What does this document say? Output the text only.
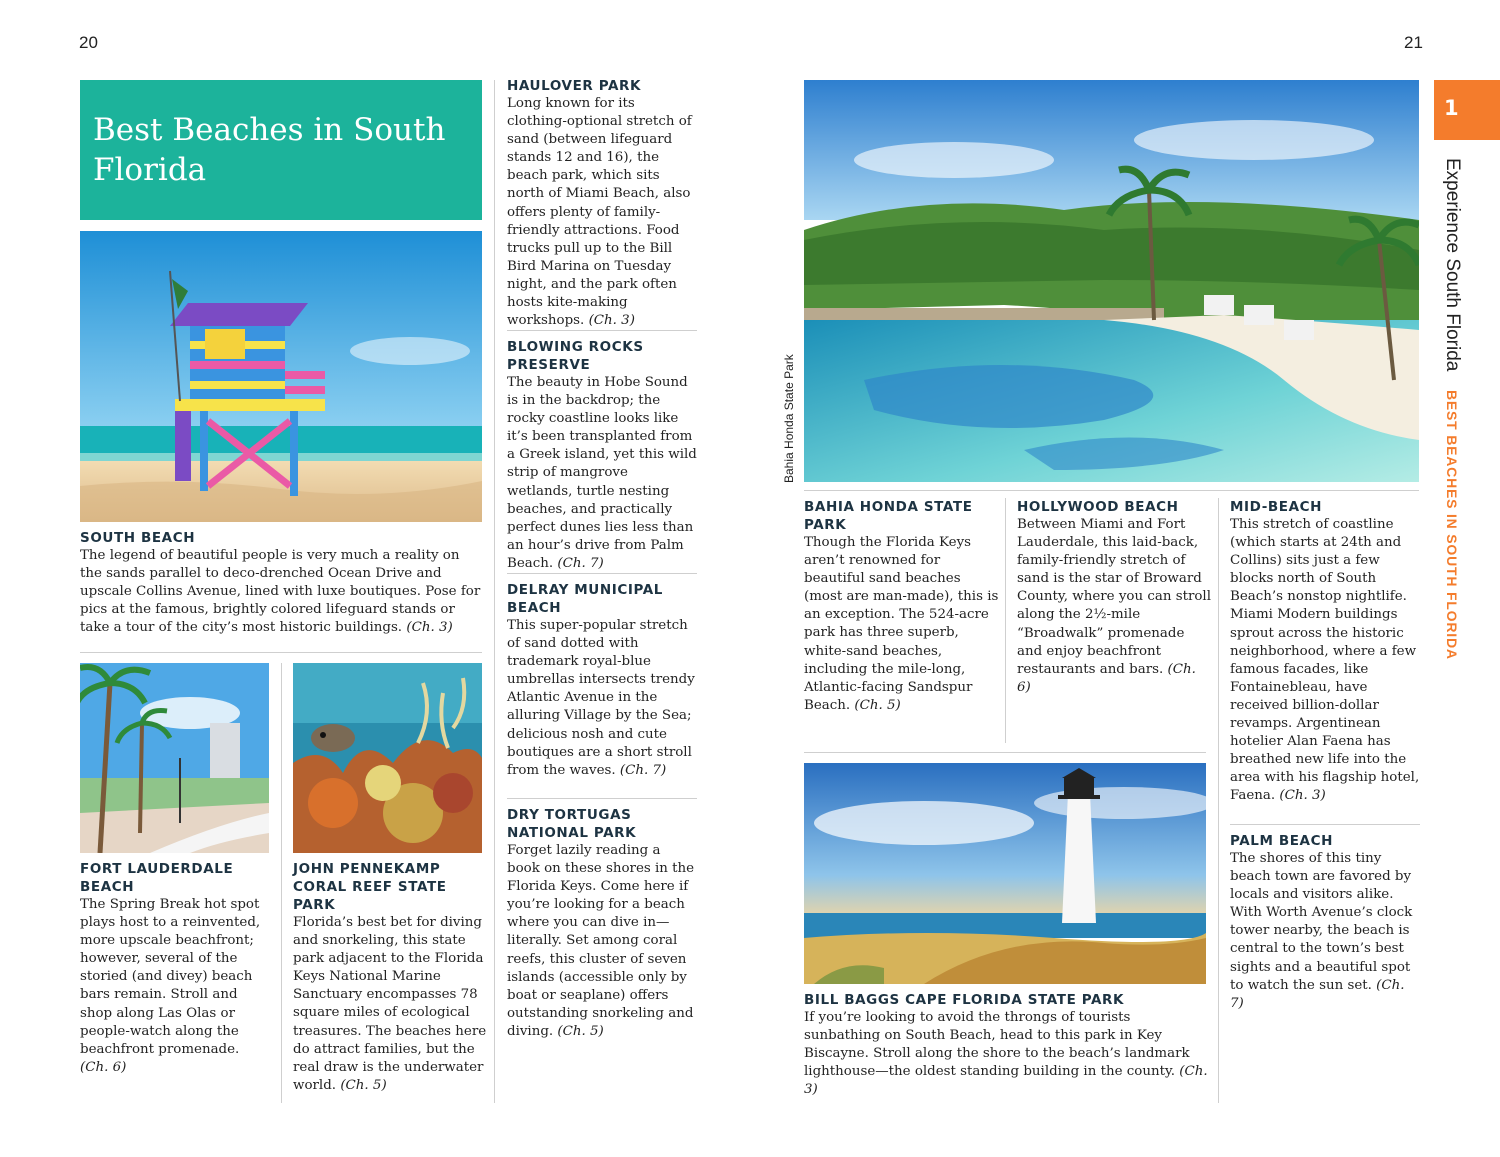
20	21
Best Beaches in South Florida
SOUTH BEACH

The legend of beautiful people is very much a reality on the sands parallel to deco-drenched Ocean Drive and upscale Collins Avenue, lined with luxe boutiques. Pose for pics at the famous, brightly colored lifeguard stands or take a tour of the city’s most historic buildings. (Ch. 3)

FORT LAUDERDALE BEACH

The Spring Break hot spot plays host to a reinvented, more upscale beachfront; however, several of the storied (and divey) beach bars remain. Stroll and shop along Las Olas or people-watch along the beachfront promenade. (Ch. 6)

JOHN PENNEKAMP CORAL REEF STATE PARK

Florida’s best bet for diving and snorkeling, this state park adjacent to the Florida Keys National Marine Sanctuary encompasses 78 square miles of ecological treasures. The beaches here do attract families, but the real draw is the underwater world. (Ch. 5)

HAULOVER PARK

Long known for its clothing-optional stretch of sand (between lifeguard stands 12 and 16), the beach park, which sits north of Miami Beach, also offers plenty of family-friendly attractions. Food trucks pull up to the Bill Bird Marina on Tuesday night, and the park often hosts kite-making workshops. (Ch. 3)

BLOWING ROCKS PRESERVE

The beauty in Hobe Sound is in the backdrop; the rocky coastline looks like it’s been transplanted from a Greek island, yet this wild strip of mangrove wetlands, turtle nesting beaches, and practically perfect dunes lies less than an hour’s drive from Palm Beach. (Ch. 7)

DELRAY MUNICIPAL BEACH

This super-popular stretch of sand dotted with trademark royal-blue umbrellas intersects trendy Atlantic Avenue in the alluring Village by the Sea; delicious nosh and cute boutiques are a short stroll from the waves. (Ch. 7)

DRY TORTUGAS NATIONAL PARK

Forget lazily reading a book on these shores in the Florida Keys. Come here if you’re looking for a beach where you can dive in—literally. Set among coral reefs, this cluster of seven islands (accessible only by boat or seaplane) offers outstanding snorkeling and diving. (Ch. 5)

Bahia Honda State Park
BAHIA HONDA STATE PARK

Though the Florida Keys aren’t renowned for beautiful sand beaches (most are man-made), this is an exception. The 524-acre park has three superb, white-sand beaches, including the mile-long, Atlantic-facing Sandspur Beach. (Ch. 5)

HOLLYWOOD BEACH

Between Miami and Fort Lauderdale, this laid-back, family-friendly stretch of sand is the star of Broward County, where you can stroll along the 2½-mile “Broadwalk” promenade and enjoy beachfront restaurants and bars. (Ch. 6)

MID-BEACH

This stretch of coastline (which starts at 24th and Collins) sits just a few blocks north of South Beach’s nonstop nightlife. Miami Modern buildings sprout across the historic neighborhood, where a few famous facades, like Fontainebleau, have received billion-dollar revamps. Argentinean hotelier Alan Faena has breathed new life into the area with his flagship hotel, Faena. (Ch. 3)

PALM BEACH

The shores of this tiny beach town are favored by locals and visitors alike. With Worth Avenue’s clock tower nearby, the beach is central to the town’s best sights and a beautiful spot to watch the sun set. (Ch. 7)

BILL BAGGS CAPE FLORIDA STATE PARK

If you’re looking to avoid the throngs of tourists sunbathing on South Beach, head to this park in Key Biscayne. Stroll along the shore to the beach’s landmark lighthouse—the oldest standing building in the county. (Ch. 3)

1
Experience South Florida BEST BEACHES IN SOUTH FLORIDA
